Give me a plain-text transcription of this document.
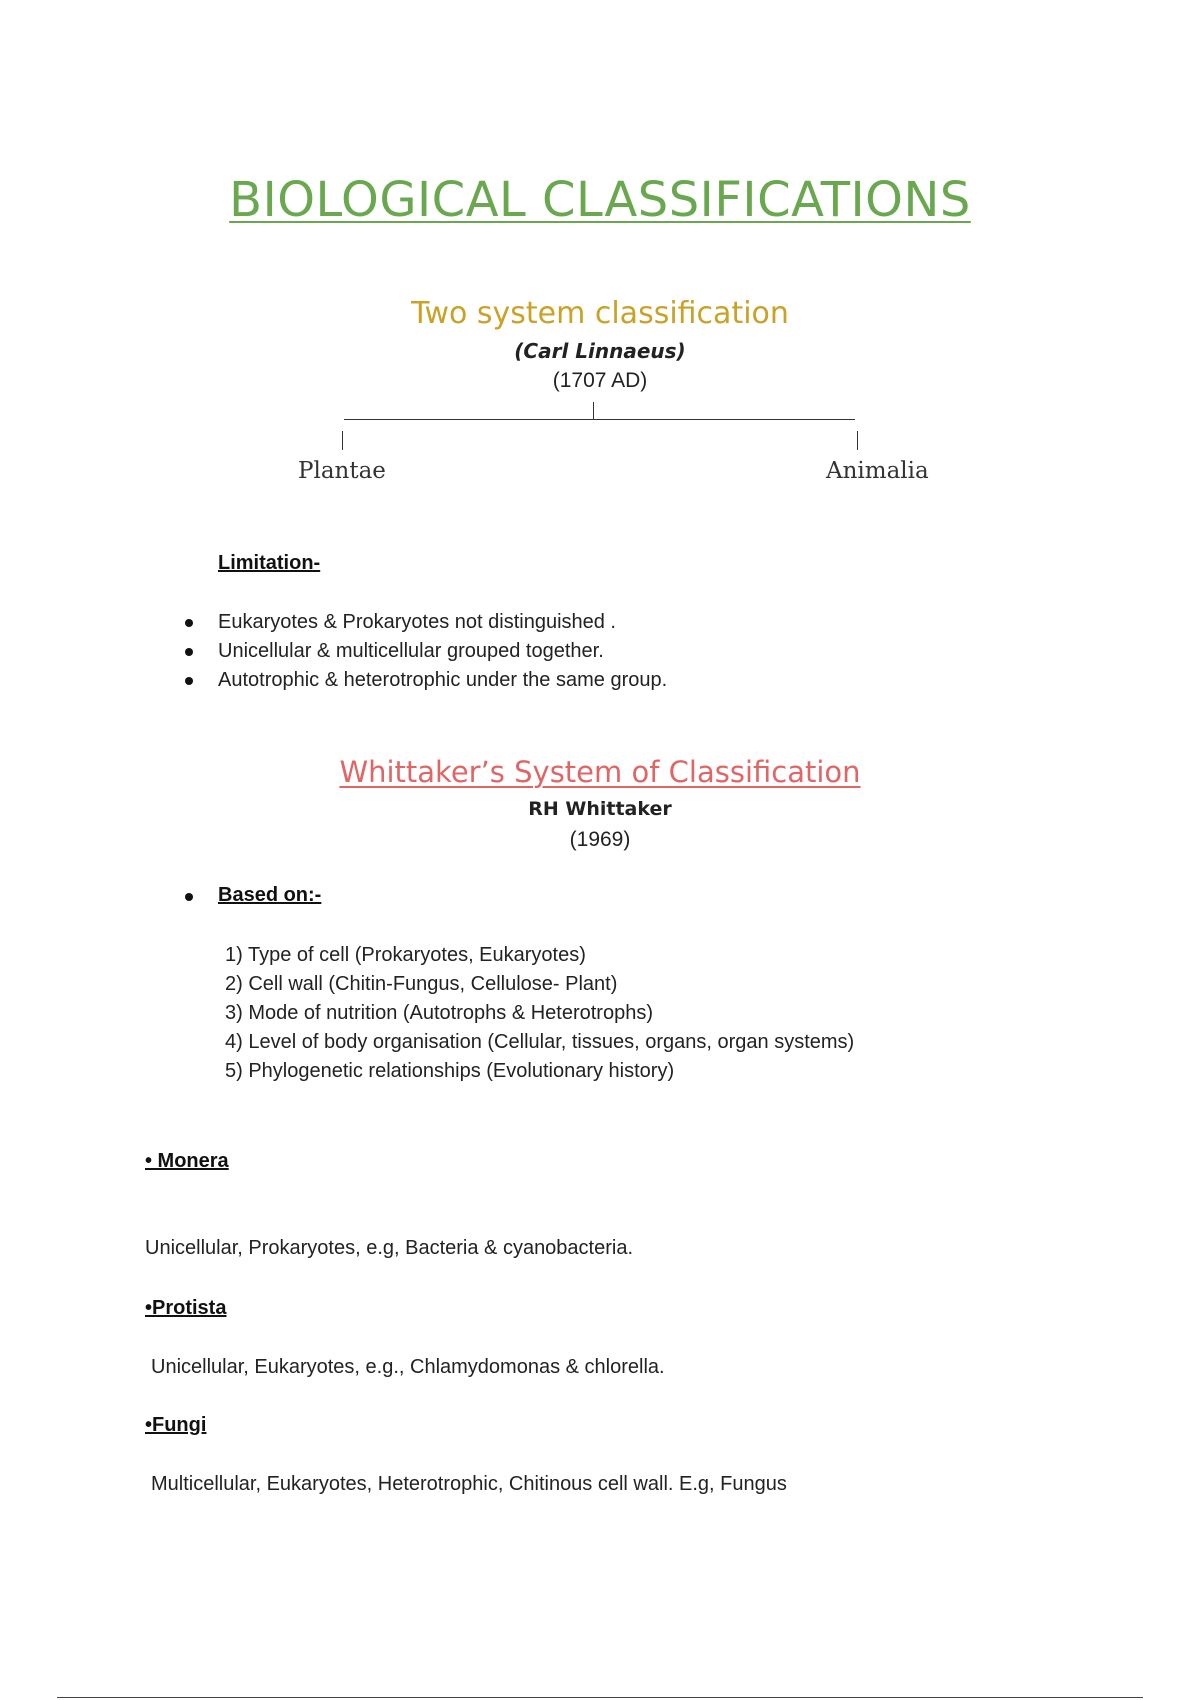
BIOLOGICAL CLASSIFICATIONS
Two system classification
(Carl Linnaeus)
(1707 AD)
Plantae	Animalia
Limitation-
Eukaryotes & Prokaryotes not distinguished .
Unicellular & multicellular grouped together.
Autotrophic & heterotrophic under the same group.
Whittaker’s System of Classification
RH Whittaker
(1969)
Based on:-
1) Type of cell (Prokaryotes, Eukaryotes)
2) Cell wall (Chitin-Fungus, Cellulose- Plant)
3) Mode of nutrition (Autotrophs & Heterotrophs)
4) Level of body organisation (Cellular, tissues, organs, organ systems)
5) Phylogenetic relationships (Evolutionary history)
• Monera
Unicellular, Prokaryotes, e.g, Bacteria & cyanobacteria.
•Protista
Unicellular, Eukaryotes, e.g., Chlamydomonas & chlorella.
•Fungi
Multicellular, Eukaryotes, Heterotrophic, Chitinous cell wall. E.g, Fungus
